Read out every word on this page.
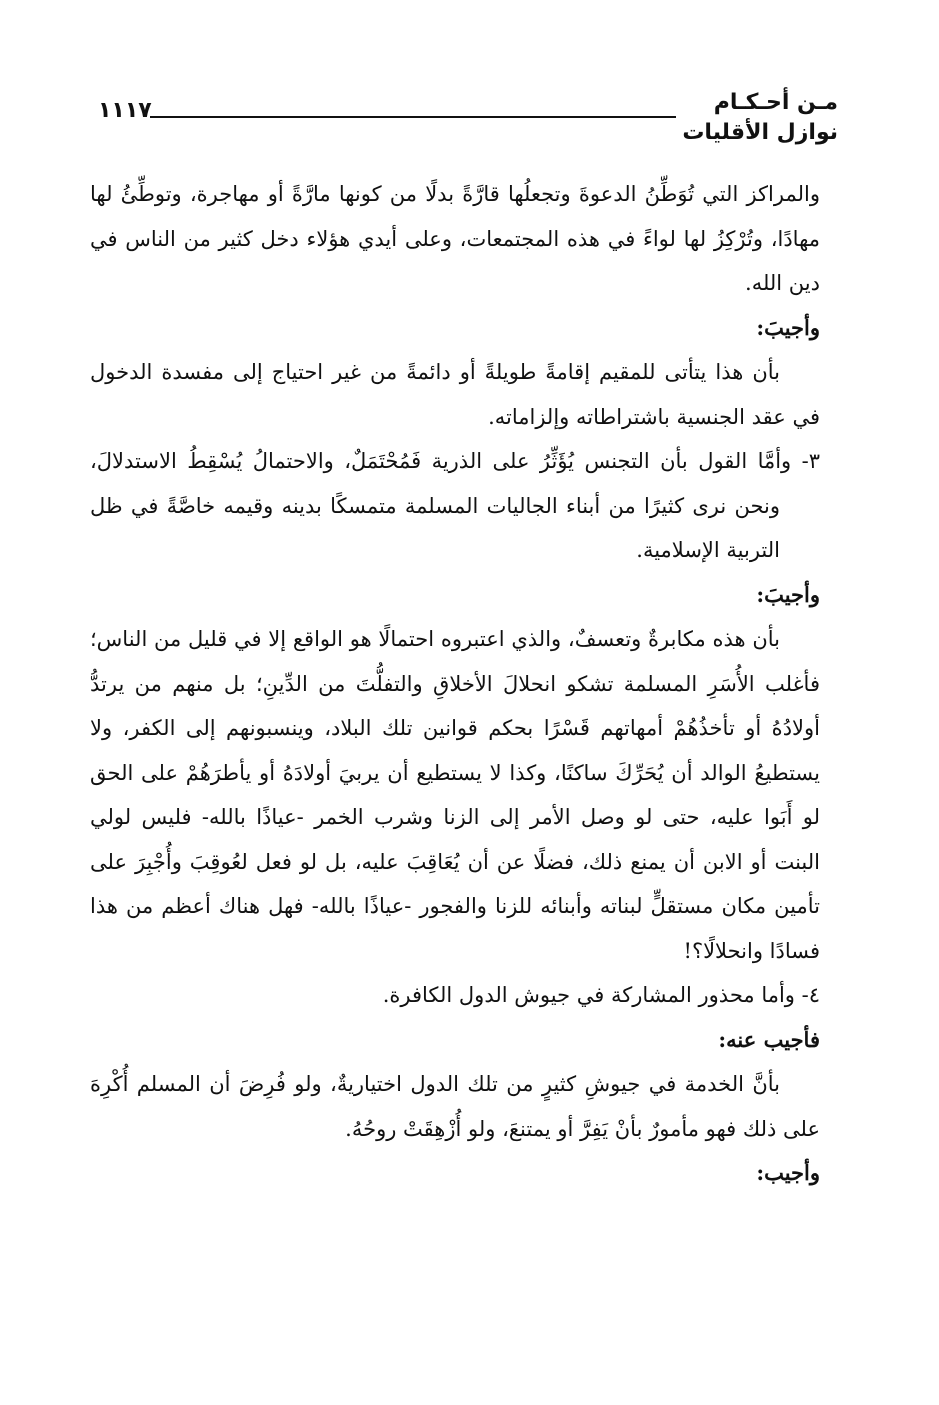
مـن أحـكـام
نوازل الأقليات
١١١٧

والمراكز التي تُوَطِّنُ الدعوةَ وتجعلُها قارَّةً بدلًا من كونها مارَّةً أو مهاجرة، وتوطِّئُ لها مهادًا، وتُرْكِزُ لها لواءً في هذه المجتمعات، وعلى أيدي هؤلاء دخل كثير من الناس في دين الله.

وأجيبَ:

بأن هذا يتأتى للمقيم إقامةً طويلةً أو دائمةً من غير احتياج إلى مفسدة الدخول في عقد الجنسية باشتراطاته وإلزاماته.

٣- وأمَّا القول بأن التجنس يُؤَثِّرُ على الذرية فَمُحْتَمَلٌ، والاحتمالُ يُسْقِطُ الاستدلالَ، ونحن نرى كثيرًا من أبناء الجاليات المسلمة متمسكًا بدينه وقيمه خاصَّةً في ظل التربية الإسلامية.

وأجيبَ:

بأن هذه مكابرةٌ وتعسفٌ، والذي اعتبروه احتمالًا هو الواقع إلا في قليل من الناس؛ فأغلب الأُسَرِ المسلمة تشكو انحلالَ الأخلاقِ والتفلُّتَ من الدِّينِ؛ بل منهم من يرتدُّ أولادُهُ أو تأخذُهُمْ أمهاتهم قَسْرًا بحكم قوانين تلك البلاد، وينسبونهم إلى الكفر، ولا يستطيعُ الوالد أن يُحَرِّكَ ساكنًا، وكذا لا يستطيع أن يربيَ أولادَهُ أو يأطرَهُمْ على الحق لو أَبَوا عليه، حتى لو وصل الأمر إلى الزنا وشرب الخمر -عياذًا بالله- فليس لولي البنت أو الابن أن يمنع ذلك، فضلًا عن أن يُعَاقِبَ عليه، بل لو فعل لعُوقِبَ وأُجْبِرَ على تأمين مكان مستقلٍّ لبناته وأبنائه للزنا والفجور -عياذًا بالله- فهل هناك أعظم من هذا فسادًا وانحلالًا؟!

٤- وأما محذور المشاركة في جيوش الدول الكافرة.

فأجيب عنه:

بأنَّ الخدمة في جيوشِ كثيرٍ من تلك الدول اختياريةٌ، ولو فُرِضَ أن المسلم أُكْرِهَ على ذلك فهو مأمورٌ بأنْ يَفِرَّ أو يمتنعَ، ولو أُزْهِقَتْ روحُهُ.

وأجيب:
